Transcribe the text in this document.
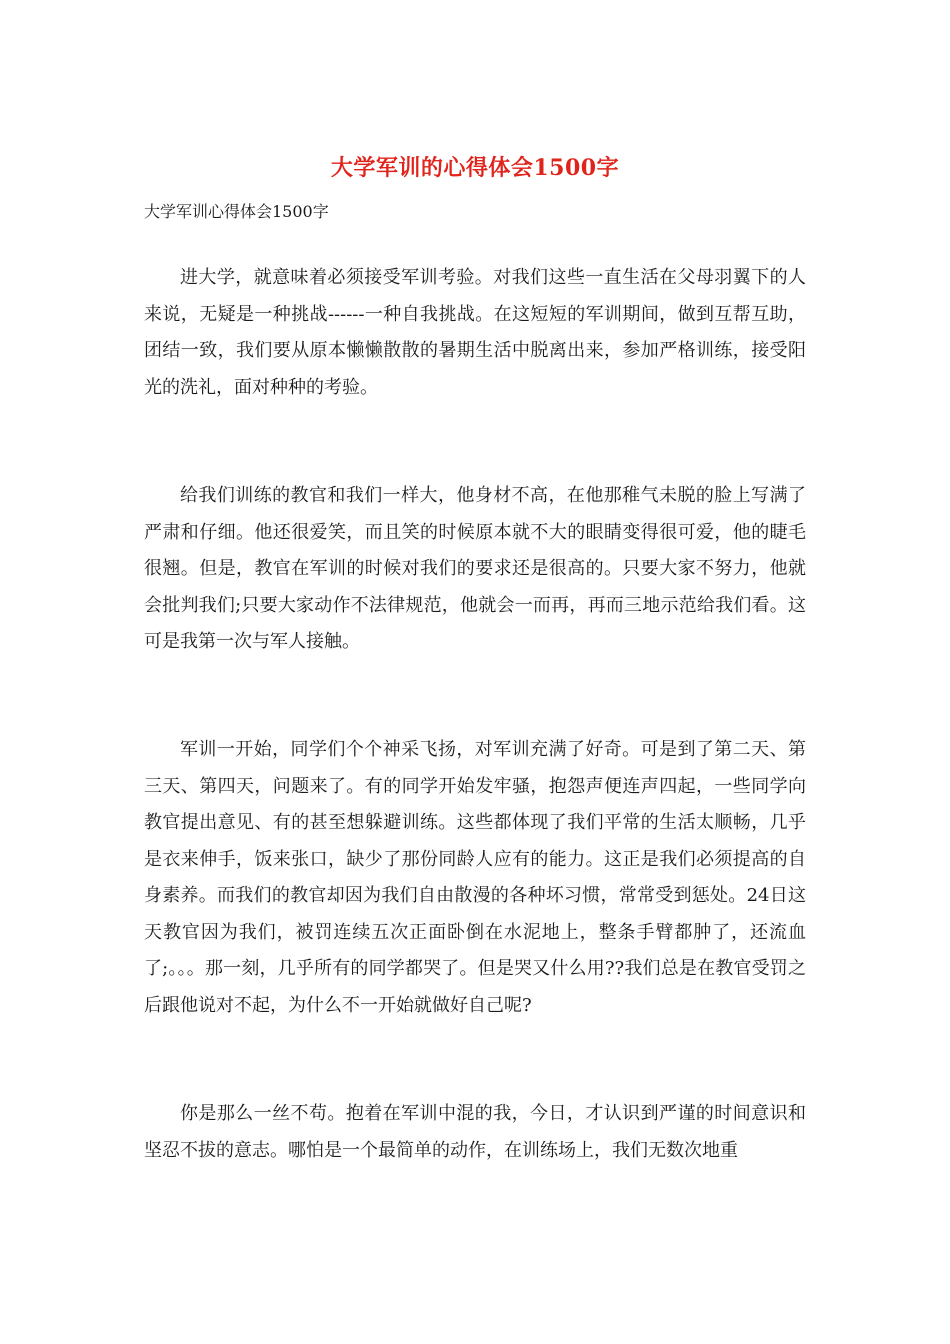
大学军训的心得体会1500字
大学军训心得体会1500字

进大学，就意味着必须接受军训考验。对我们这些一直生活在父母羽翼下的人来说，无疑是一种挑战------一种自我挑战。在这短短的军训期间，做到互帮互助，团结一致，我们要从原本懒懒散散的暑期生活中脱离出来，参加严格训练，接受阳光的洗礼，面对种种的考验。

给我们训练的教官和我们一样大，他身材不高，在他那稚气未脱的脸上写满了严肃和仔细。他还很爱笑，而且笑的时候原本就不大的眼睛变得很可爱，他的睫毛很翘。但是，教官在军训的时候对我们的要求还是很高的。只要大家不努力，他就会批判我们;只要大家动作不法律规范，他就会一而再，再而三地示范给我们看。这可是我第一次与军人接触。

军训一开始，同学们个个神采飞扬，对军训充满了好奇。可是到了第二天、第三天、第四天，问题来了。有的同学开始发牢骚，抱怨声便连声四起，一些同学向教官提出意见、有的甚至想躲避训练。这些都体现了我们平常的生活太顺畅，几乎是衣来伸手，饭来张口，缺少了那份同龄人应有的能力。这正是我们必须提高的自身素养。而我们的教官却因为我们自由散漫的各种坏习惯，常常受到惩处。24日这天教官因为我们，被罚连续五次正面卧倒在水泥地上，整条手臂都肿了，还流血了;。。。那一刻，几乎所有的同学都哭了。但是哭又什么用??我们总是在教官受罚之后跟他说对不起，为什么不一开始就做好自己呢?

你是那么一丝不苟。抱着在军训中混的我，今日，才认识到严谨的时间意识和坚忍不拔的意志。哪怕是一个最简单的动作，在训练场上，我们无数次地重
